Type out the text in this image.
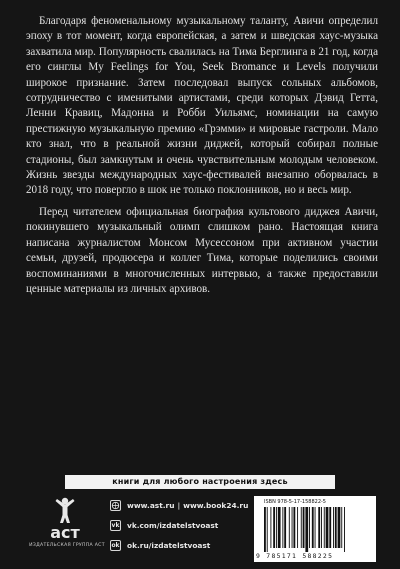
Благодаря феноменальному музыкальному таланту, Авичи определил эпоху в тот момент, когда европейская, а затем и шведская хаус-музыка захватила мир. Популярность свалилась на Тима Берглинга в 21 год, когда его синглы My Feelings for You, Seek Bromance и Levels получили широкое признание. Затем последовал выпуск сольных альбомов, сотрудничество с именитыми артистами, среди которых Дэвид Гетта, Ленни Кравиц, Мадонна и Робби Уильямс, номинации на самую престижную музыкальную премию «Грэмми» и мировые гастроли. Мало кто знал, что в реальной жизни диджей, который собирал полные стадионы, был замкнутым и очень чувствительным молодым человеком. Жизнь звезды международных хаус-фестивалей внезапно оборвалась в 2018 году, что повергло в шок не только поклонников, но и весь мир.

Перед читателем официальная биография культового диджея Авичи, покинувшего музыкальный олимп слишком рано. Настоящая книга написана журналистом Монсом Мусессоном при активном участии семьи, друзей, продюсера и коллег Тима, которые поделились своими воспоминаниями в многочисленных интервью, а также предоставили ценные материалы из личных архивов.

книги для любого настроения здесь
аст
ИЗДАТЕЛЬСКАЯ ГРУППА АСТ
www.ast.ru | www.book24.ru
vk vk.com/izdatelstvoast
ok ok.ru/izdatelstvoast
ISBN 978-5-17-158822-5
9 785171 588225
